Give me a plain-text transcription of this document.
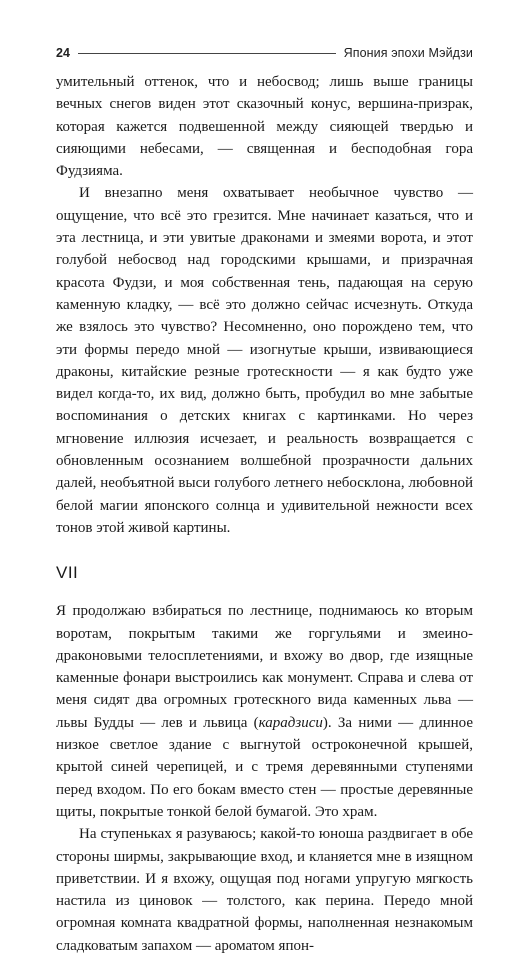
24	Япония эпохи Мэйдзи

умительный оттенок, что и небосвод; лишь выше границы вечных снегов виден этот сказочный конус, вершина-призрак, которая кажется подвешенной между сияющей твердью и сияющими небесами, — священная и бесподобная гора Фудзияма.

И внезапно меня охватывает необычное чувство — ощущение, что всё это грезится. Мне начинает казаться, что и эта лестница, и эти увитые драконами и змеями ворота, и этот голубой небосвод над городскими крышами, и призрачная красота Фудзи, и моя собственная тень, падающая на серую каменную кладку, — всё это должно сейчас исчезнуть. Откуда же взялось это чувство? Несомненно, оно порождено тем, что эти формы передо мной — изогнутые крыши, извивающиеся драконы, китайские резные гротескности — я как будто уже видел когда-то, их вид, должно быть, пробудил во мне забытые воспоминания о детских книгах с картинками. Но через мгновение иллюзия исчезает, и реальность возвращается с обновленным осознанием волшебной прозрачности дальних далей, необъятной выси голубого летнего небосклона, любовной белой магии японского солнца и удивительной нежности всех тонов этой живой картины.

VII

Я продолжаю взбираться по лестнице, поднимаюсь ко вторым воротам, покрытым такими же горгульями и змеино-драконовыми телосплетениями, и вхожу во двор, где изящные каменные фонари выстроились как монумент. Справа и слева от меня сидят два огромных гротескного вида каменных льва — львы Будды — лев и львица (карадзиси). За ними — длинное низкое светлое здание с выгнутой остроконечной крышей, крытой синей черепицей, и с тремя деревянными ступенями перед входом. По его бокам вместо стен — простые деревянные щиты, покрытые тонкой белой бумагой. Это храм.

На ступеньках я разуваюсь; какой-то юноша раздвигает в обе стороны ширмы, закрывающие вход, и кланяется мне в изящном приветствии. И я вхожу, ощущая под ногами упругую мягкость настила из циновок — толстого, как перина. Передо мной огромная комната квадратной формы, наполненная незнакомым сладковатым запахом — ароматом япон-
